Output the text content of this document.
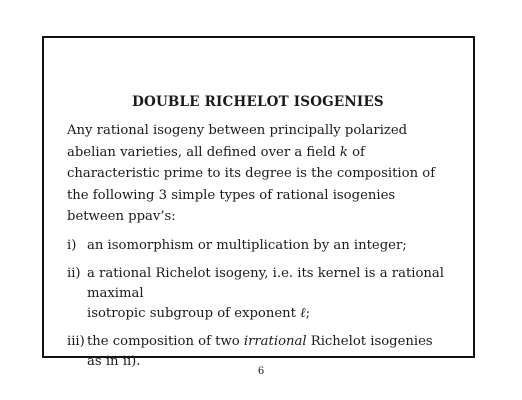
DOUBLE RICHELOT ISOGENIES
Any rational isogeny between principally polarized abelian varieties, all defined over a field k of characteristic prime to its degree is the composition of the following 3 simple types of rational isogenies between ppav’s:
i) an isomorphism or multiplication by an integer;
ii) a rational Richelot isogeny, i.e. its kernel is a rational maximal
isotropic subgroup of exponent ℓ;
iii) the composition of two irrational Richelot isogenies as in ii).
6
